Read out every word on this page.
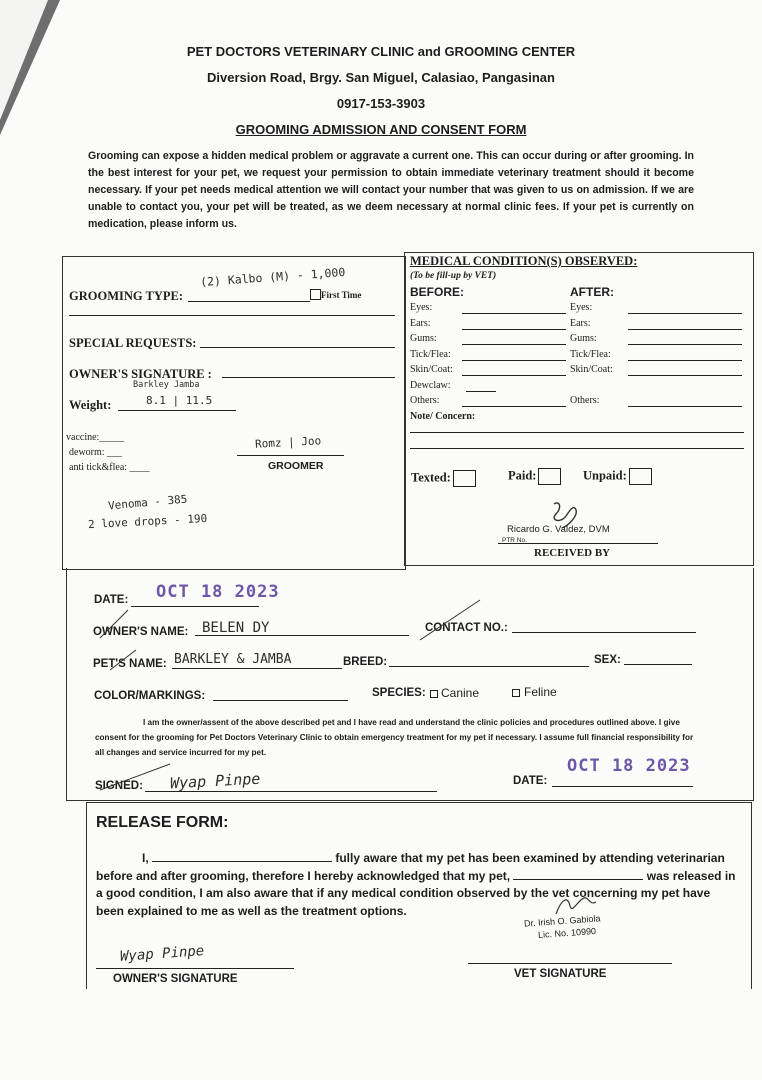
PET DOCTORS VETERINARY CLINIC and GROOMING CENTER
Diversion Road, Brgy. San Miguel, Calasiao, Pangasinan
0917-153-3903
GROOMING ADMISSION AND CONSENT FORM
Grooming can expose a hidden medical problem or aggravate a current one. This can occur during or after grooming. In the best interest for your pet, we request your permission to obtain immediate veterinary treatment should it become necessary. If your pet needs medical attention we will contact your number that was given to us on admission. If we are unable to contact you, your pet will be treated, as we deem necessary at normal clinic fees. If your pet is currently on medication, please inform us.
GROOMING TYPE:
(2) Kalbo (M) - 1,000
First Time
SPECIAL REQUESTS:
OWNER'S SIGNATURE :
Barkley Jamba
Weight:	8.1 | 11.5
vaccine:_____
deworm: ___
anti tick&flea: ____
Romz | Joo
GROOMER
Venoma - 385
2 love drops - 190
MEDICAL CONDITION(S) OBSERVED:
(To be fill-up by VET)
BEFORE:	AFTER:
Eyes:	Eyes:
Ears:	Ears:
Gums:	Gums:
Tick/Flea:	Tick/Flea:
Skin/Coat:	Skin/Coat:
Dewclaw:
Others:	Others:
Note/ Concern:
Texted:	Paid:	Unpaid:
Ricardo G. Valdez, DVM
PTR No.
RECEIVED BY
DATE: OCT 18 2023
OWNER'S NAME: BELEN DY	CONTACT NO.:
PET'S NAME: BARKLEY & JAMBA	BREED:	SEX:
COLOR/MARKINGS:	SPECIES: Canine	Feline
I am the owner/assent of the above described pet and I have read and understand the clinic policies and procedures outlined above. I give consent for the grooming for Pet Doctors Veterinary Clinic to obtain emergency treatment for my pet if necessary. I assume full financial responsibility for all changes and service incurred for my pet.
SIGNED: Wyap Pinpe	DATE:
OCT 18 2023
RELEASE FORM:
I,	fully aware that my pet has been examined by attending veterinarian
before and after grooming, therefore I hereby acknowledged that my pet,	was released in
a good condition, I am also aware that if any medical condition observed by the vet concerning my pet have
been explained to me as well as the treatment options.
Dr. Irish O. Gabiola
Lic. No. 10990
Wyap Pinpe
OWNER'S SIGNATURE	VET SIGNATURE
